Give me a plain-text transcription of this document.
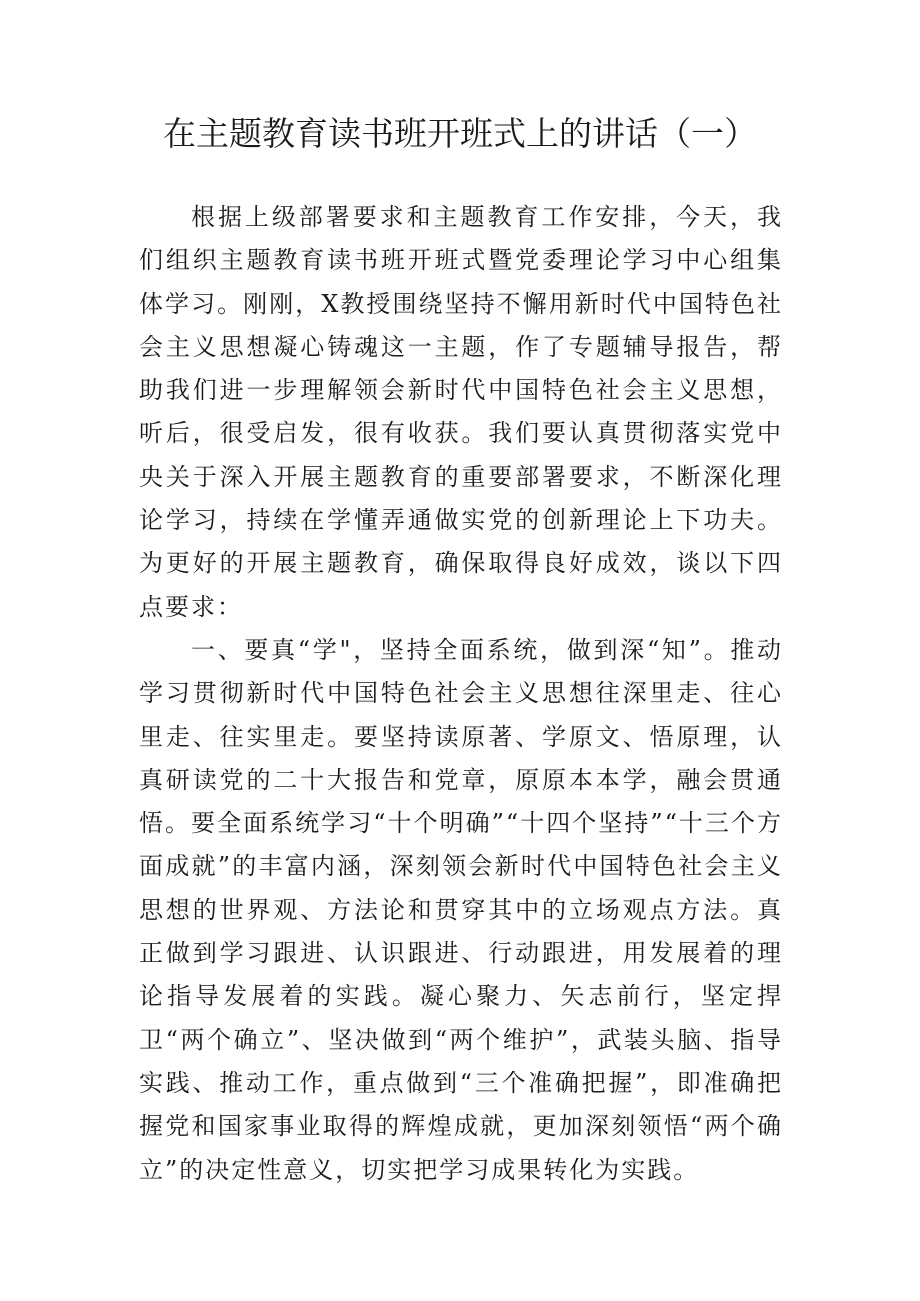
在主题教育读书班开班式上的讲话（一）

根据上级部署要求和主题教育工作安排，今天，我们组织主题教育读书班开班式暨党委理论学习中心组集体学习。刚刚，X教授围绕坚持不懈用新时代中国特色社会主义思想凝心铸魂这一主题，作了专题辅导报告，帮助我们进一步理解领会新时代中国特色社会主义思想，听后，很受启发，很有收获。我们要认真贯彻落实党中央关于深入开展主题教育的重要部署要求，不断深化理论学习，持续在学懂弄通做实党的创新理论上下功夫。为更好的开展主题教育，确保取得良好成效，谈以下四点要求：

一、要真“学"，坚持全面系统，做到深“知”。推动学习贯彻新时代中国特色社会主义思想往深里走、往心里走、往实里走。要坚持读原著、学原文、悟原理，认真研读党的二十大报告和党章，原原本本学，融会贯通悟。要全面系统学习“十个明确”“十四个坚持”“十三个方面成就”的丰富内涵，深刻领会新时代中国特色社会主义思想的世界观、方法论和贯穿其中的立场观点方法。真正做到学习跟进、认识跟进、行动跟进，用发展着的理论指导发展着的实践。凝心聚力、矢志前行，坚定捍卫“两个确立”、坚决做到“两个维护”，武装头脑、指导实践、推动工作，重点做到“三个准确把握”，即准确把握党和国家事业取得的辉煌成就，更加深刻领悟“两个确立”的决定性意义，切实把学习成果转化为实践。
